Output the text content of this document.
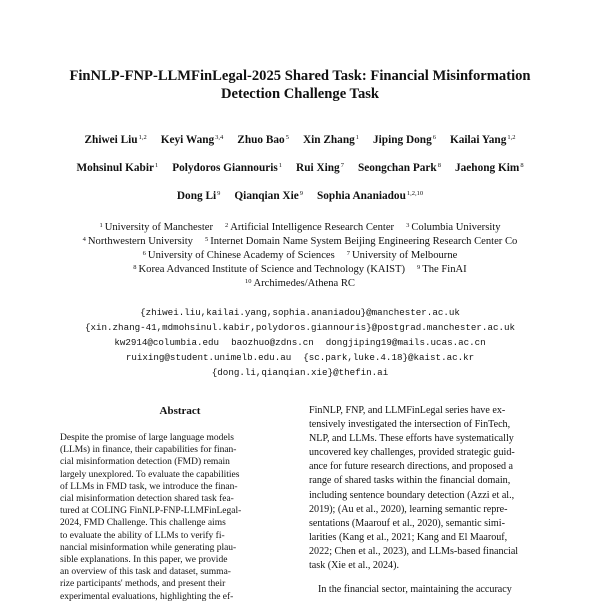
FinNLP-FNP-LLMFinLegal-2025 Shared Task: Financial Misinformation
Detection Challenge Task
Zhiwei Liu$^{1,2}$ Keyi Wang$^{3,4}$ Zhuo Bao$^5$ Xin Zhang$^1$ Jiping Dong$^6$ Kailai Yang$^{1,2}$
Mohsinul Kabir$^1$ Polydoros Giannouris$^1$ Rui Xing$^7$ Seongchan Park$^8$ Jaehong Kim$^8$
Dong Li$^9$ Qianqian Xie$^9$ Sophia Ananiadou$^{1,2,10}$
$^1$ University of Manchester $^2$ Artificial Intelligence Research Center $^3$ Columbia University
$^4$ Northwestern University $^5$ Internet Domain Name System Beijing Engineering Research Center Co
$^6$ University of Chinese Academy of Sciences $^7$ University of Melbourne
$^8$ Korea Advanced Institute of Science and Technology (KAIST) $^9$ The FinAI
$^{10}$ Archimedes/Athena RC
{zhiwei.liu,kailai.yang,sophia.ananiadou}@manchester.ac.uk
{xin.zhang-41,mdmohsinul.kabir,polydoros.giannouris}@postgrad.manchester.ac.uk
kw2914@columbia.edu baozhuo@zdns.cn dongjiping19@mails.ucas.ac.cn
ruixing@student.unimelb.edu.au {sc.park,luke.4.18}@kaist.ac.kr
{dong.li,qianqian.xie}@thefin.ai
Abstract

Despite the promise of large language models
(LLMs) in finance, their capabilities for finan-
cial misinformation detection (FMD) remain
largely unexplored. To evaluate the capabilities
of LLMs in FMD task, we introduce the finan-
cial misinformation detection shared task fea-
tured at COLING FinNLP-FNP-LLMFinLegal-
2024, FMD Challenge. This challenge aims
to evaluate the ability of LLMs to verify fi-
nancial misinformation while generating plau-
sible explanations. In this paper, we provide
an overview of this task and dataset, summa-
rize participants' methods, and present their
experimental evaluations, highlighting the ef-

FinNLP, FNP, and LLMFinLegal series have ex-
tensively investigated the intersection of FinTech,
NLP, and LLMs. These efforts have systematically
uncovered key challenges, provided strategic guid-
ance for future research directions, and proposed a
range of shared tasks within the financial domain,
including sentence boundary detection (Azzi et al.,
2019); (Au et al., 2020), learning semantic repre-
sentations (Maarouf et al., 2020), semantic simi-
larities (Kang et al., 2021; Kang and El Maarouf,
2022; Chen et al., 2023), and LLMs-based financial
task (Xie et al., 2024).

In the financial sector, maintaining the accuracy
